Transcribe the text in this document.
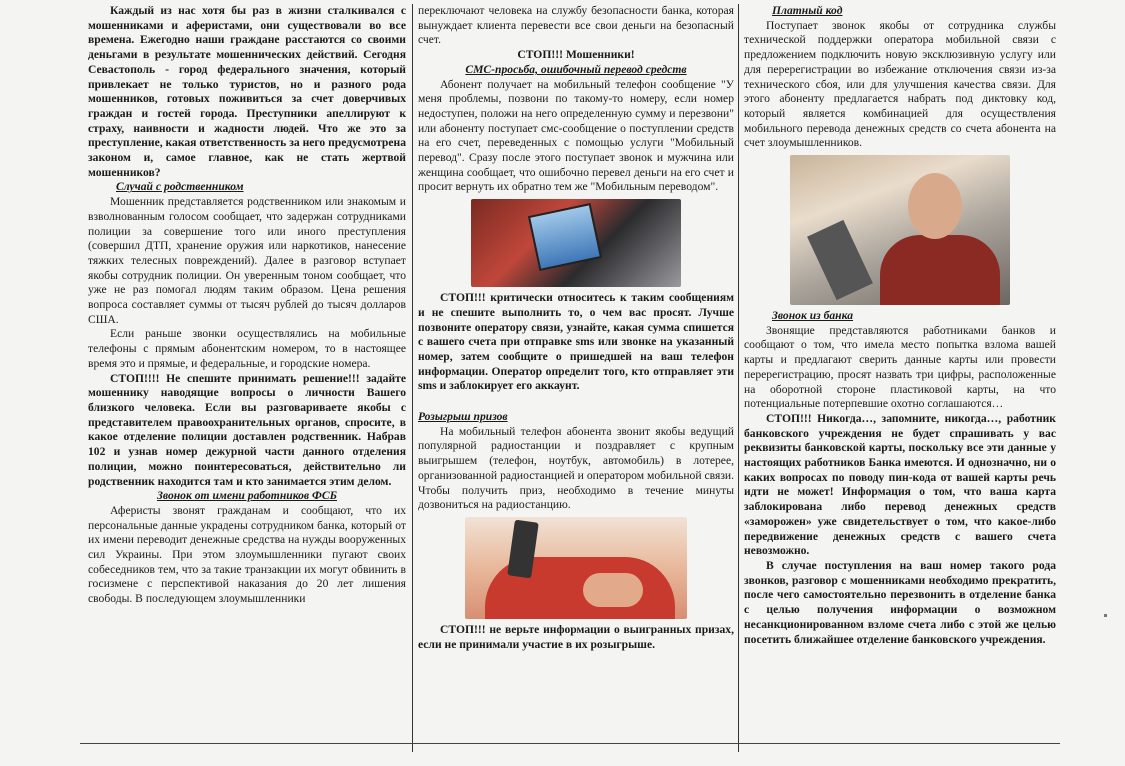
Каждый из нас хотя бы раз в жизни сталкивался с мошенниками и аферистами, они существовали во все времена. Ежегодно наши граждане расстаются со своими деньгами в результате мошеннических действий. Сегодня Севастополь - город федерального значения, который привлекает не только туристов, но и разного рода мошенников, готовых поживиться за счет доверчивых граждан и гостей города. Преступники апеллируют к страху, наивности и жадности людей. Что же это за преступление, какая ответственность за него предусмотрена законом и, самое главное, как не стать жертвой мошенников?

Случай с родственником

Мошенник представляется родственником или знакомым и взволнованным голосом сообщает, что задержан сотрудниками полиции за совершение того или иного преступления (совершил ДТП, хранение оружия или наркотиков, нанесение тяжких телесных повреждений). Далее в разговор вступает якобы сотрудник полиции. Он уверенным тоном сообщает, что уже не раз помогал людям таким образом. Цена решения вопроса составляет суммы от тысяч рублей до тысяч долларов США.

Если раньше звонки осуществлялись на мобильные телефоны с прямым абонентским номером, то в настоящее время это и прямые, и федеральные, и городские номера.

СТОП!!!! Не спешите принимать решение!!! задайте мошеннику наводящие вопросы о личности Вашего близкого человека. Если вы разговариваете якобы с представителем правоохранительных органов, спросите, в какое отделение полиции доставлен родственник. Набрав 102 и узнав номер дежурной части данного отделения полиции, можно поинтересоваться, действительно ли родственник находится там и кто занимается этим делом.

Звонок от имени работников ФСБ

Аферисты звонят гражданам и сообщают, что их персональные данные украдены сотрудником банка, который от их имени переводит денежные средства на нужды вооруженных сил Украины. При этом злоумышленники пугают своих собеседников тем, что за такие транзакции их могут обвинить в госизмене с перспективой наказания до 20 лет лишения свободы. В последующем злоумышленники

переключают человека на службу безопасности банка, которая вынуждает клиента перевести все свои деньги на безопасный счет.

СТОП!!! Мошенники!

СМС-просьба, ошибочный перевод средств

Абонент получает на мобильный телефон сообщение "У меня проблемы, позвони по такому-то номеру, если номер недоступен, положи на него определенную сумму и перезвони" или абоненту поступает смс-сообщение о поступлении средств на его счет, переведенных с помощью услуги "Мобильный перевод". Сразу после этого поступает звонок и мужчина или женщина сообщает, что ошибочно перевел деньги на его счет и просит вернуть их обратно тем же "Мобильным переводом".

СТОП!!! критически относитесь к таким сообщениям и не спешите выполнить то, о чем вас просят. Лучше позвоните оператору связи, узнайте, какая сумма спишется с вашего счета при отправке sms или звонке на указанный номер, затем сообщите о пришедшей на ваш телефон информации. Оператор определит того, кто отправляет эти sms и заблокирует его аккаунт.

Розыгрыш призов

На мобильный телефон абонента звонит якобы ведущий популярной радиостанции и поздравляет с крупным выигрышем (телефон, ноутбук, автомобиль) в лотерее, организованной радиостанцией и оператором мобильной связи. Чтобы получить приз, необходимо в течение минуты дозвониться на радиостанцию.

СТОП!!! не верьте информации о выигранных призах, если не принимали участие в их розыгрыше.

Платный код

Поступает звонок якобы от сотрудника службы технической поддержки оператора мобильной связи с предложением подключить новую эксклюзивную услугу или для перерегистрации во избежание отключения связи из-за технического сбоя, или для улучшения качества связи. Для этого абоненту предлагается набрать под диктовку код, который является комбинацией для осуществления мобильного перевода денежных средств со счета абонента на счет злоумышленников.

Звонок из банка

Звонящие представляются работниками банков и сообщают о том, что имела место попытка взлома вашей карты и предлагают сверить данные карты или провести перерегистрацию, просят назвать три цифры, расположенные на оборотной стороне пластиковой карты, на что потенциальные потерпевшие охотно соглашаются…

СТОП!!! Никогда…, запомните, никогда…, работник банковского учреждения не будет спрашивать у вас реквизиты банковской карты, поскольку все эти данные у настоящих работников Банка имеются. И однозначно, ни о каких вопросах по поводу пин-кода от вашей карты речь идти не может! Информация о том, что ваша карта заблокирована либо перевод денежных средств «заморожен» уже свидетельствует о том, что какое-либо передвижение денежных средств с вашего счета невозможно.

В случае поступления на ваш номер такого рода звонков, разговор с мошенниками необходимо прекратить, после чего самостоятельно перезвонить в отделение банка с целью получения информации о возможном несанкционированном взломе счета либо с этой же целью посетить ближайшее отделение банковского учреждения.
